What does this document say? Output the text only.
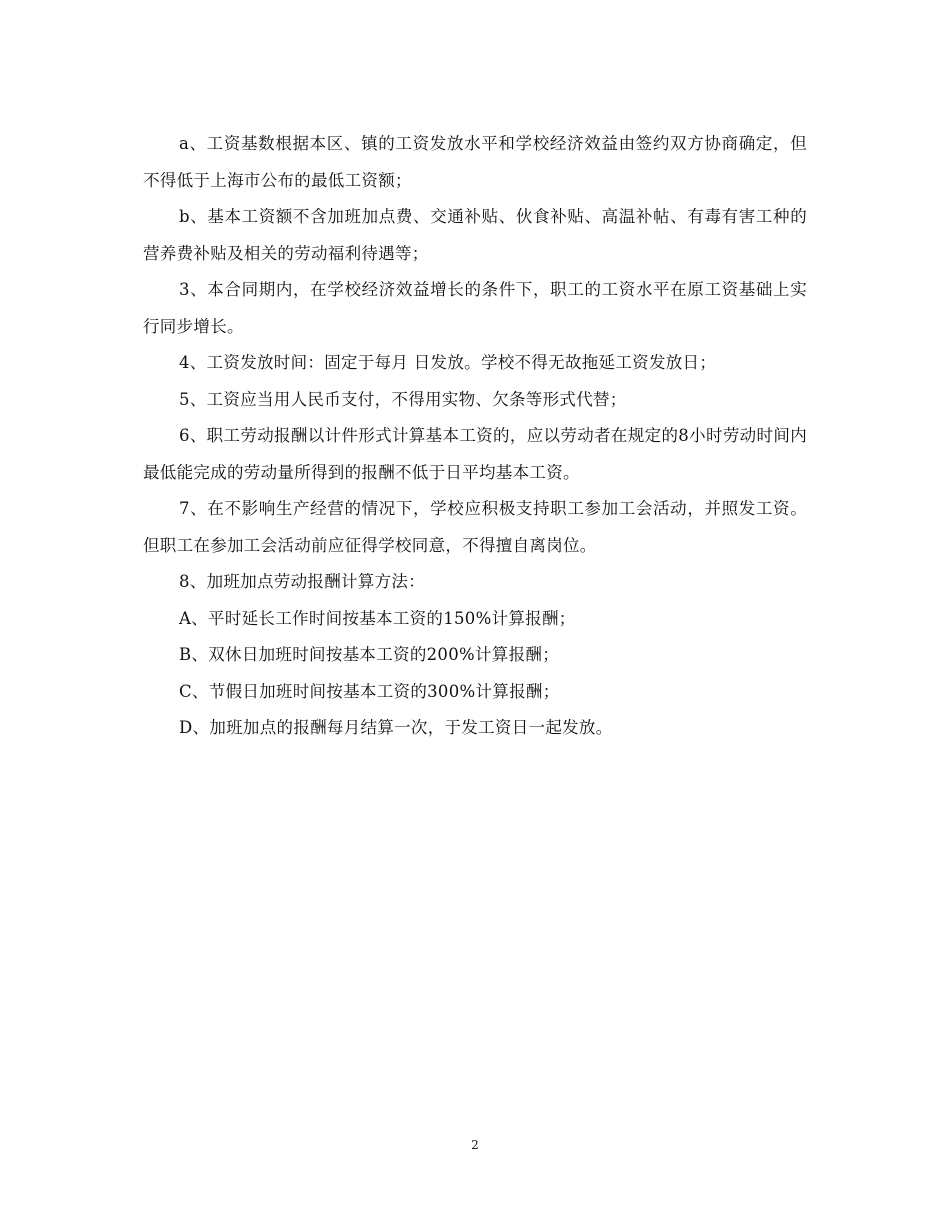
a、工资基数根据本区、镇的工资发放水平和学校经济效益由签约双方协商确定，但不得低于上海市公布的最低工资额；

b、基本工资额不含加班加点费、交通补贴、伙食补贴、高温补帖、有毒有害工种的营养费补贴及相关的劳动福利待遇等；

3、本合同期内，在学校经济效益增长的条件下，职工的工资水平在原工资基础上实行同步增长。

4、工资发放时间：固定于每月 日发放。学校不得无故拖延工资发放日；

5、工资应当用人民币支付，不得用实物、欠条等形式代替；

6、职工劳动报酬以计件形式计算基本工资的，应以劳动者在规定的8小时劳动时间内最低能完成的劳动量所得到的报酬不低于日平均基本工资。

7、在不影响生产经营的情况下，学校应积极支持职工参加工会活动，并照发工资。但职工在参加工会活动前应征得学校同意，不得擅自离岗位。

8、加班加点劳动报酬计算方法：

A、平时延长工作时间按基本工资的150%计算报酬；

B、双休日加班时间按基本工资的200%计算报酬；

C、节假日加班时间按基本工资的300%计算报酬；

D、加班加点的报酬每月结算一次，于发工资日一起发放。

2
